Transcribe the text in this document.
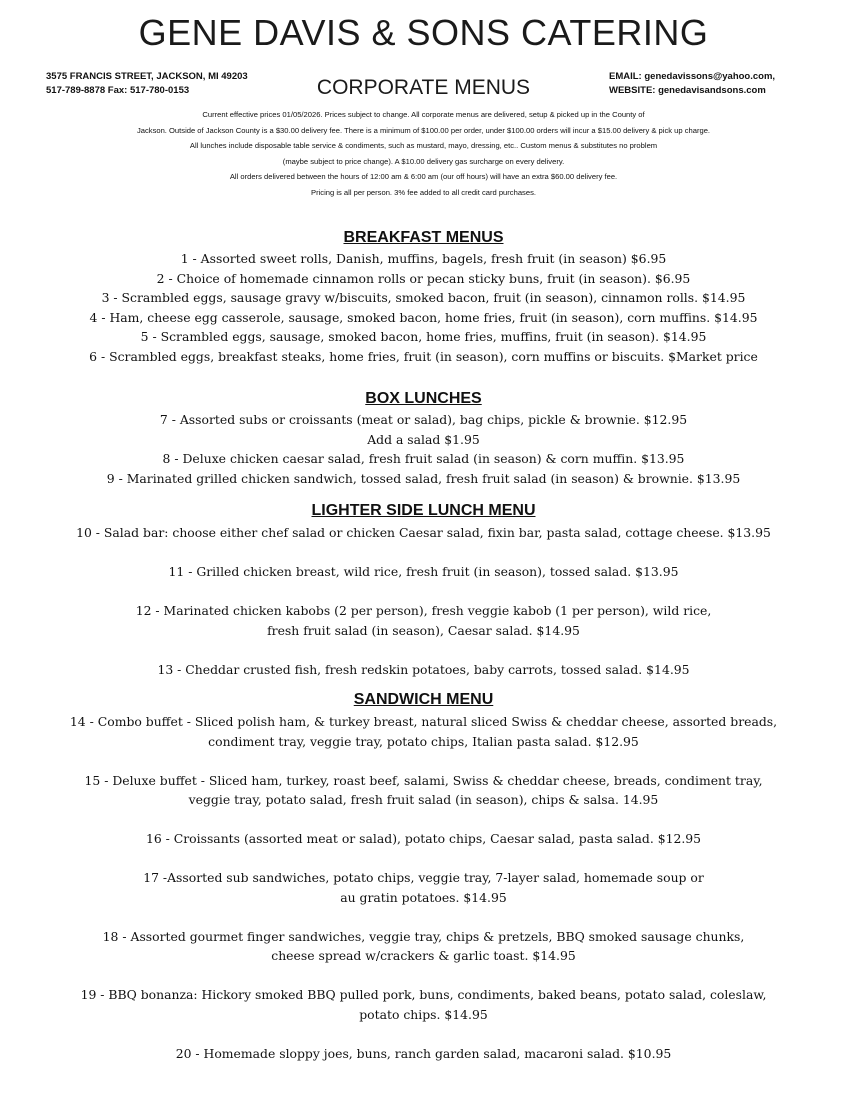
GENE DAVIS & SONS CATERING
3575 FRANCIS STREET, JACKSON, MI 49203
517-789-8878 Fax: 517-780-0153	CORPORATE MENUS	EMAIL: genedavissons@yahoo.com,
WEBSITE: genedavisandsons.com
Current effective prices 01/05/2026. Prices subject to change. All corporate menus are delivered, setup & picked up in the County of
Jackson. Outside of Jackson County is a $30.00 delivery fee. There is a minimum of $100.00 per order, under $100.00 orders will incur a $15.00 delivery & pick up charge.
All lunches include disposable table service & condiments, such as mustard, mayo, dressing, etc.. Custom menus & substitutes no problem
(maybe subject to price change). A $10.00 delivery gas surcharge on every delivery.
All orders delivered between the hours of 12:00 am & 6:00 am (our off hours) will have an extra $60.00 delivery fee.
Pricing is all per person. 3% fee added to all credit card purchases.
BREAKFAST MENUS
1 - Assorted sweet rolls, Danish, muffins, bagels, fresh fruit (in season) $6.95
2 - Choice of homemade cinnamon rolls or pecan sticky buns, fruit (in season). $6.95
3 - Scrambled eggs, sausage gravy w/biscuits, smoked bacon, fruit (in season), cinnamon rolls. $14.95
4 - Ham, cheese egg casserole, sausage, smoked bacon, home fries, fruit (in season), corn muffins. $14.95
5 - Scrambled eggs, sausage, smoked bacon, home fries, muffins, fruit (in season). $14.95
6 - Scrambled eggs, breakfast steaks, home fries, fruit (in season), corn muffins or biscuits. $Market price
BOX LUNCHES
7 - Assorted subs or croissants (meat or salad), bag chips, pickle & brownie. $12.95
Add a salad $1.95
8 - Deluxe chicken caesar salad, fresh fruit salad (in season) & corn muffin. $13.95
9 - Marinated grilled chicken sandwich, tossed salad, fresh fruit salad (in season) & brownie. $13.95
LIGHTER SIDE LUNCH MENU
10 - Salad bar: choose either chef salad or chicken Caesar salad, fixin bar, pasta salad, cottage cheese. $13.95
11 - Grilled chicken breast, wild rice, fresh fruit (in season), tossed salad. $13.95
12 - Marinated chicken kabobs (2 per person), fresh veggie kabob (1 per person), wild rice,
fresh fruit salad (in season), Caesar salad. $14.95
13 - Cheddar crusted fish, fresh redskin potatoes, baby carrots, tossed salad. $14.95
SANDWICH MENU
14 - Combo buffet - Sliced polish ham, & turkey breast, natural sliced Swiss & cheddar cheese, assorted breads,
condiment tray, veggie tray, potato chips, Italian pasta salad. $12.95
15 - Deluxe buffet - Sliced ham, turkey, roast beef, salami, Swiss & cheddar cheese, breads, condiment tray,
veggie tray, potato salad, fresh fruit salad (in season), chips & salsa. 14.95
16 - Croissants (assorted meat or salad), potato chips, Caesar salad, pasta salad. $12.95
17 -Assorted sub sandwiches, potato chips, veggie tray, 7-layer salad, homemade soup or
au gratin potatoes. $14.95
18 - Assorted gourmet finger sandwiches, veggie tray, chips & pretzels, BBQ smoked sausage chunks,
cheese spread w/crackers & garlic toast. $14.95
19 - BBQ bonanza: Hickory smoked BBQ pulled pork, buns, condiments, baked beans, potato salad, coleslaw,
potato chips. $14.95
20 - Homemade sloppy joes, buns, ranch garden salad, macaroni salad. $10.95
